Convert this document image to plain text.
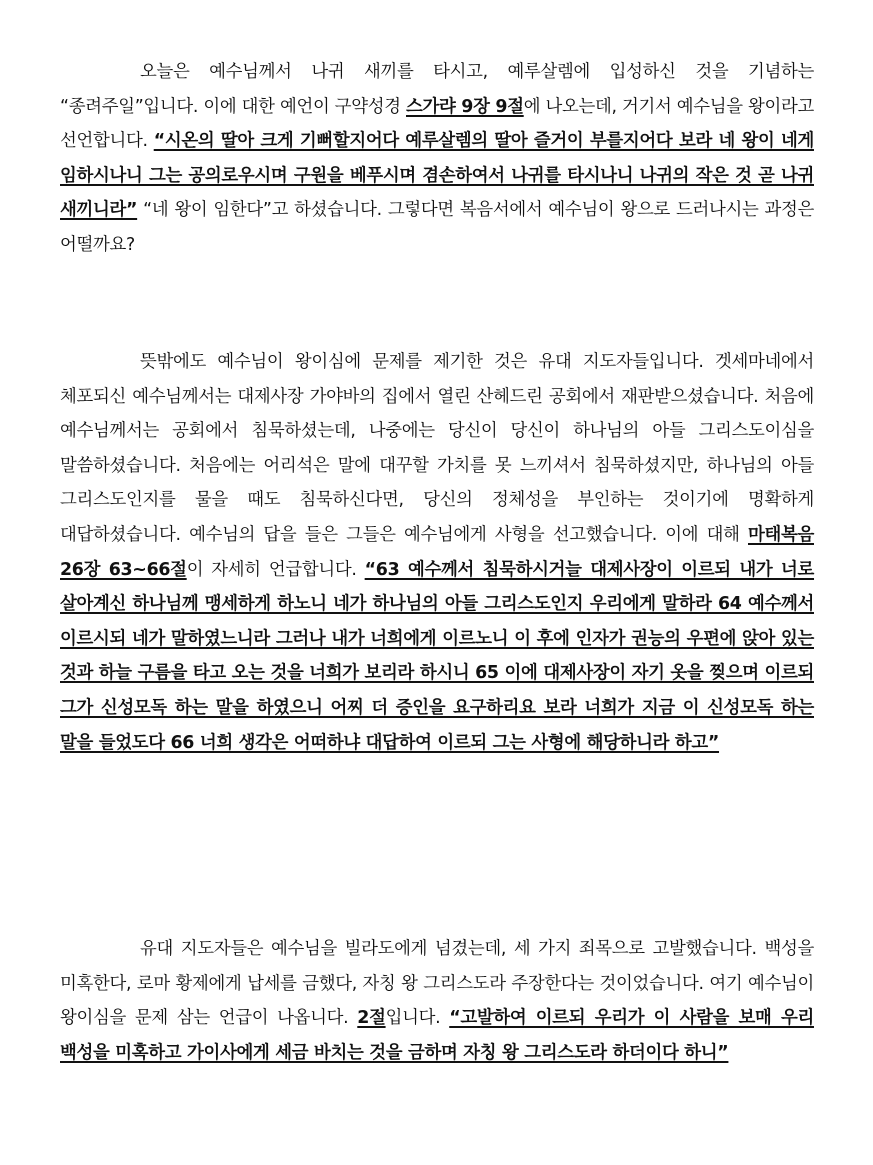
오늘은 예수님께서 나귀 새끼를 타시고, 예루살렘에 입성하신 것을 기념하는 “종려주일”입니다. 이에 대한 예언이 구약성경 스가랴 9장 9절에 나오는데, 거기서 예수님을 왕이라고 선언합니다. “시온의 딸아 크게 기뻐할지어다 예루살렘의 딸아 즐거이 부를지어다 보라 네 왕이 네게 임하시나니 그는 공의로우시며 구원을 베푸시며 겸손하여서 나귀를 타시나니 나귀의 작은 것 곧 나귀 새끼니라” “네 왕이 임한다”고 하셨습니다. 그렇다면 복음서에서 예수님이 왕으로 드러나시는 과정은 어떨까요?

뜻밖에도 예수님이 왕이심에 문제를 제기한 것은 유대 지도자들입니다. 겟세마네에서 체포되신 예수님께서는 대제사장 가야바의 집에서 열린 산헤드린 공회에서 재판받으셨습니다. 처음에 예수님께서는 공회에서 침묵하셨는데, 나중에는 당신이 당신이 하나님의 아들 그리스도이심을 말씀하셨습니다. 처음에는 어리석은 말에 대꾸할 가치를 못 느끼셔서 침묵하셨지만, 하나님의 아들 그리스도인지를 물을 때도 침묵하신다면, 당신의 정체성을 부인하는 것이기에 명확하게 대답하셨습니다. 예수님의 답을 들은 그들은 예수님에게 사형을 선고했습니다. 이에 대해 마태복음 26장 63~66절이 자세히 언급합니다. “63 예수께서 침묵하시거늘 대제사장이 이르되 내가 너로 살아계신 하나님께 맹세하게 하노니 네가 하나님의 아들 그리스도인지 우리에게 말하라 64 예수께서 이르시되 네가 말하였느니라 그러나 내가 너희에게 이르노니 이 후에 인자가 권능의 우편에 앉아 있는 것과 하늘 구름을 타고 오는 것을 너희가 보리라 하시니 65 이에 대제사장이 자기 옷을 찢으며 이르되 그가 신성모독 하는 말을 하였으니 어찌 더 증인을 요구하리요 보라 너희가 지금 이 신성모독 하는 말을 들었도다 66 너희 생각은 어떠하냐 대답하여 이르되 그는 사형에 해당하니라 하고”

유대 지도자들은 예수님을 빌라도에게 넘겼는데, 세 가지 죄목으로 고발했습니다. 백성을 미혹한다, 로마 황제에게 납세를 금했다, 자칭 왕 그리스도라 주장한다는 것이었습니다. 여기 예수님이 왕이심을 문제 삼는 언급이 나옵니다. 2절입니다. “고발하여 이르되 우리가 이 사람을 보매 우리 백성을 미혹하고 가이사에게 세금 바치는 것을 금하며 자칭 왕 그리스도라 하더이다 하니”
